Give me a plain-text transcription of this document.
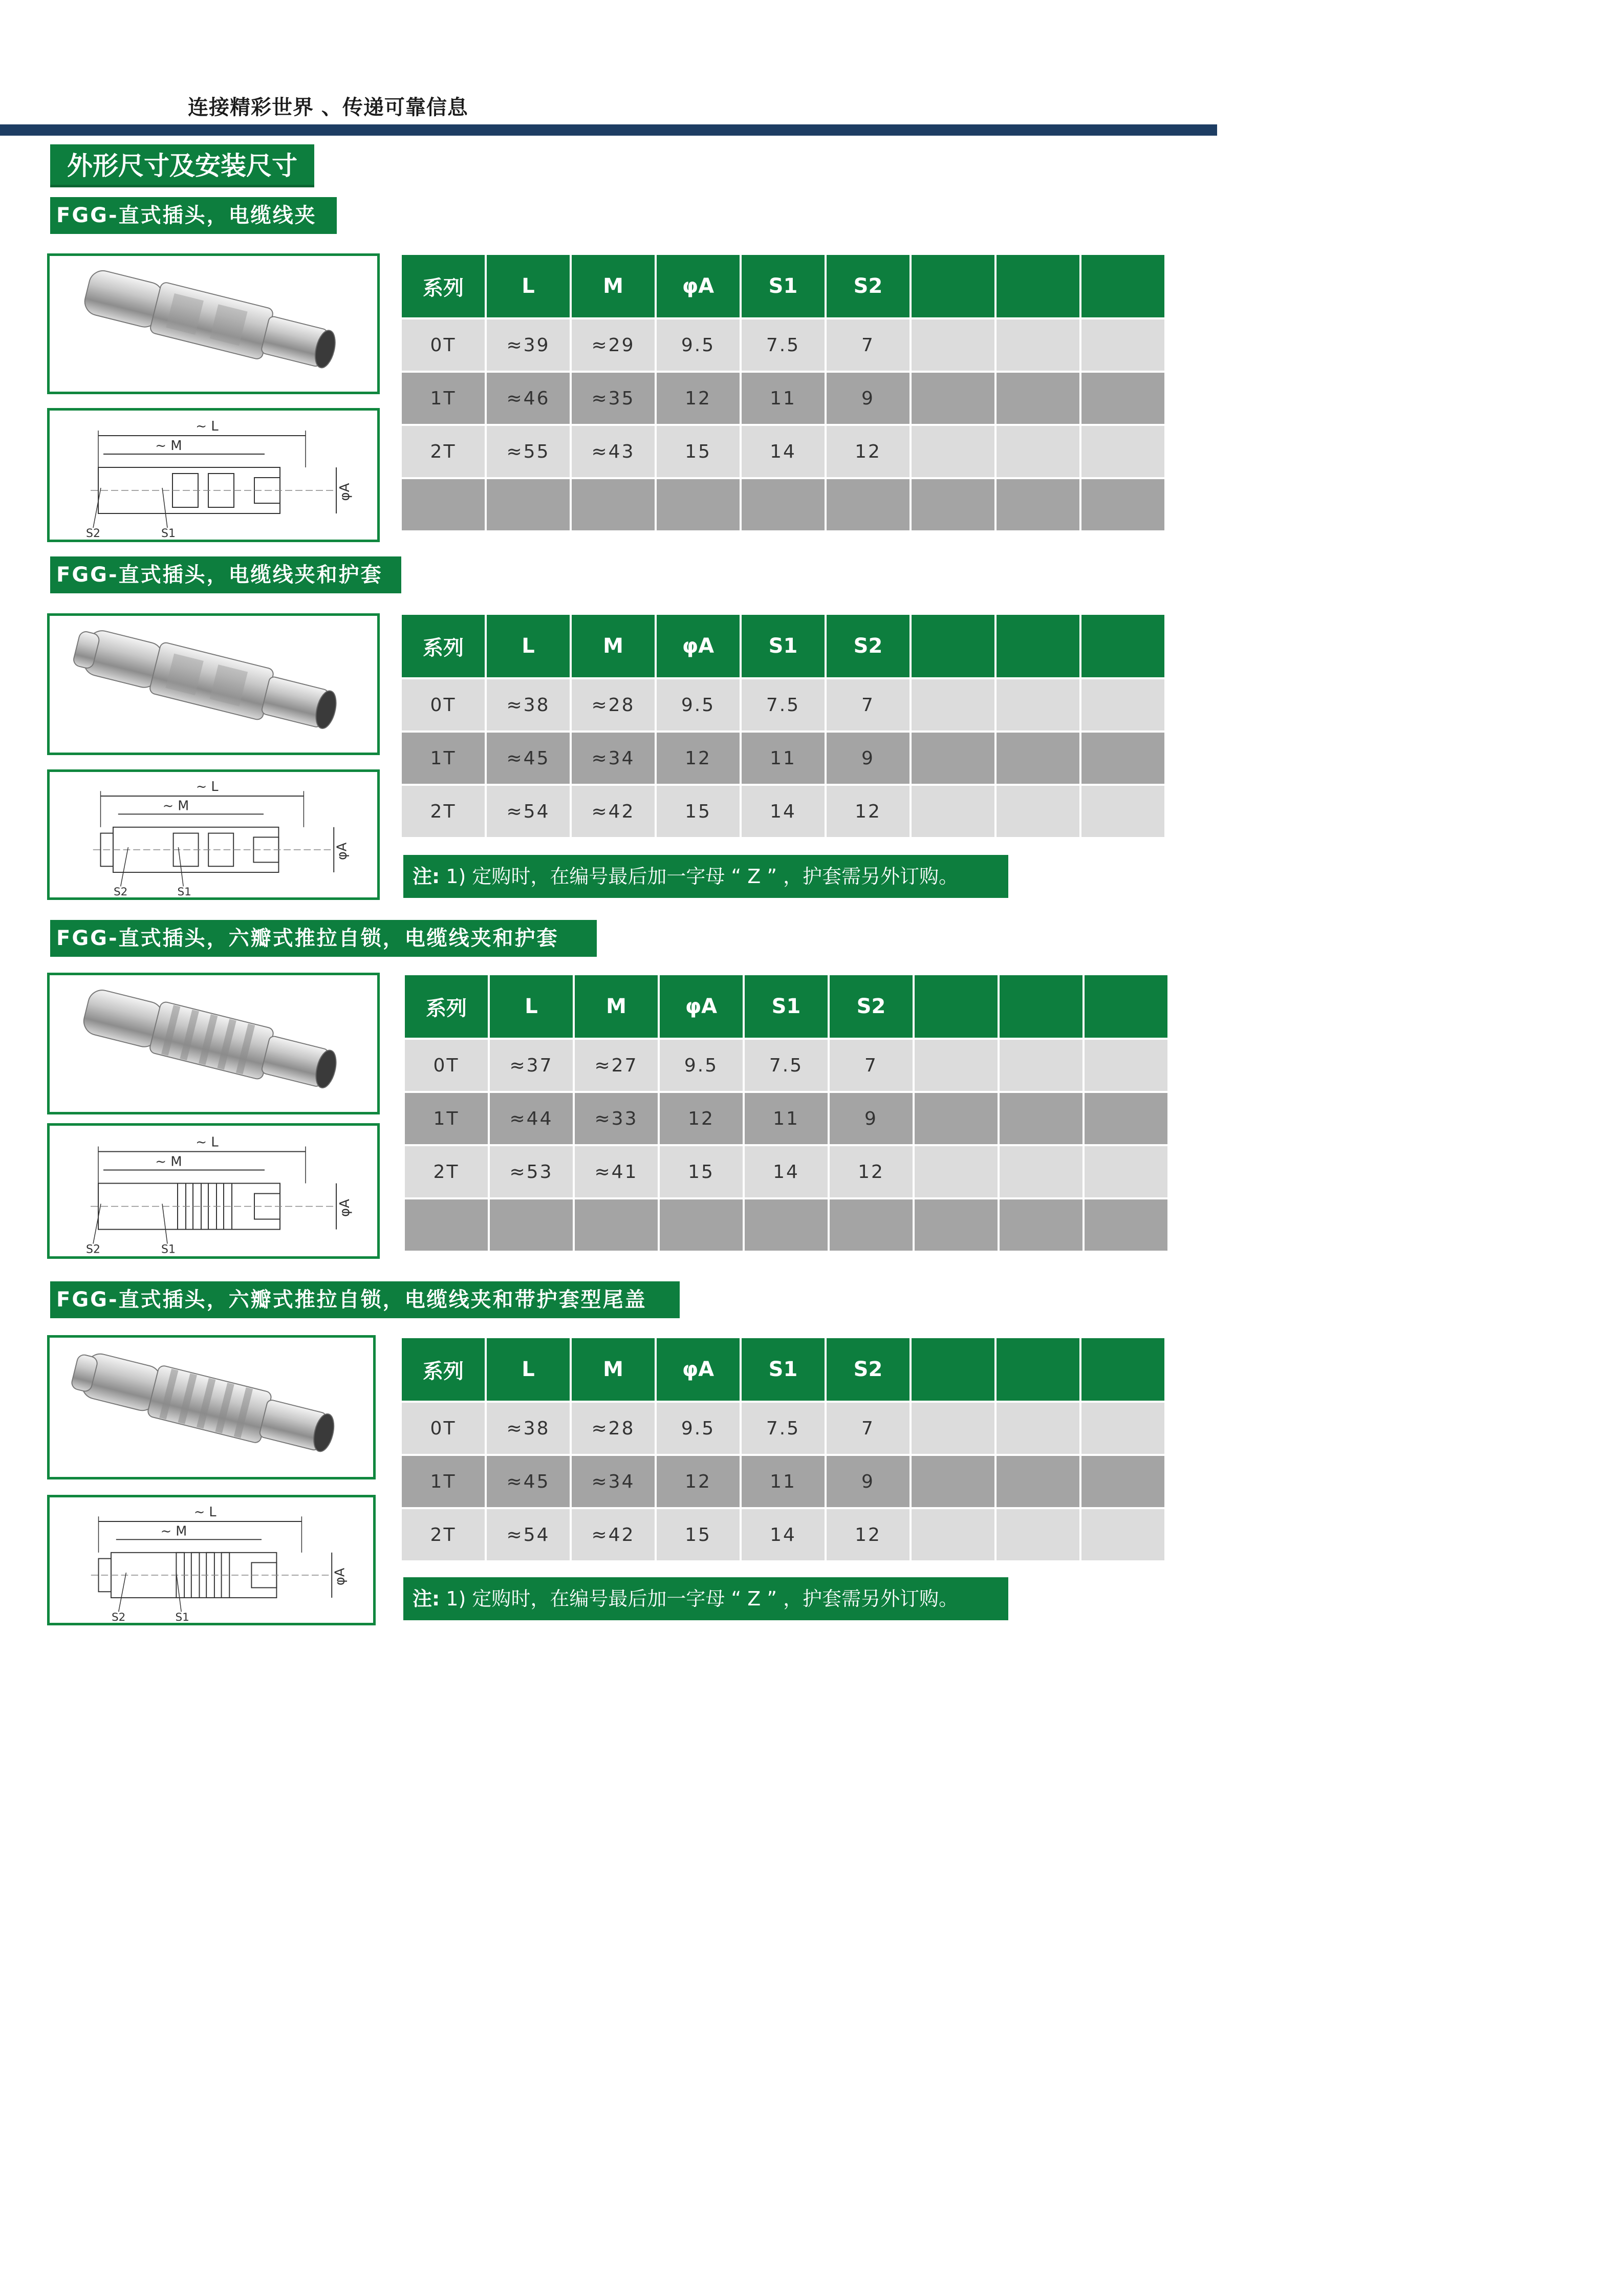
连接精彩世界 、传递可靠信息
外形尺寸及安装尺寸
FGG-直式插头，电缆线夹
~ L
~ M
φA
S2	S1
系列	L	M	φA	S1	S2			
0T	≈39	≈29	9.5	7.5	7			
1T	≈46	≈35	12	11	9			
2T	≈55	≈43	15	14	12			

FGG-直式插头，电缆线夹和护套
~ L
~ M
φA
S2	S1
系列	L	M	φA	S1	S2			
0T	≈38	≈28	9.5	7.5	7			
1T	≈45	≈34	12	11	9			
2T	≈54	≈42	15	14	12			
注: 1) 定购时，在编号最后加一字母 “ Z ” ，护套需另外订购。
FGG-直式插头，六瓣式推拉自锁，电缆线夹和护套
~ L
~ M
φA
S2	S1
系列	L	M	φA	S1	S2			
0T	≈37	≈27	9.5	7.5	7			
1T	≈44	≈33	12	11	9			
2T	≈53	≈41	15	14	12			

FGG-直式插头，六瓣式推拉自锁，电缆线夹和带护套型尾盖
~ L
~ M
φA
S2	S1
系列	L	M	φA	S1	S2			
0T	≈38	≈28	9.5	7.5	7			
1T	≈45	≈34	12	11	9			
2T	≈54	≈42	15	14	12			
注: 1) 定购时，在编号最后加一字母 “ Z ” ，护套需另外订购。
